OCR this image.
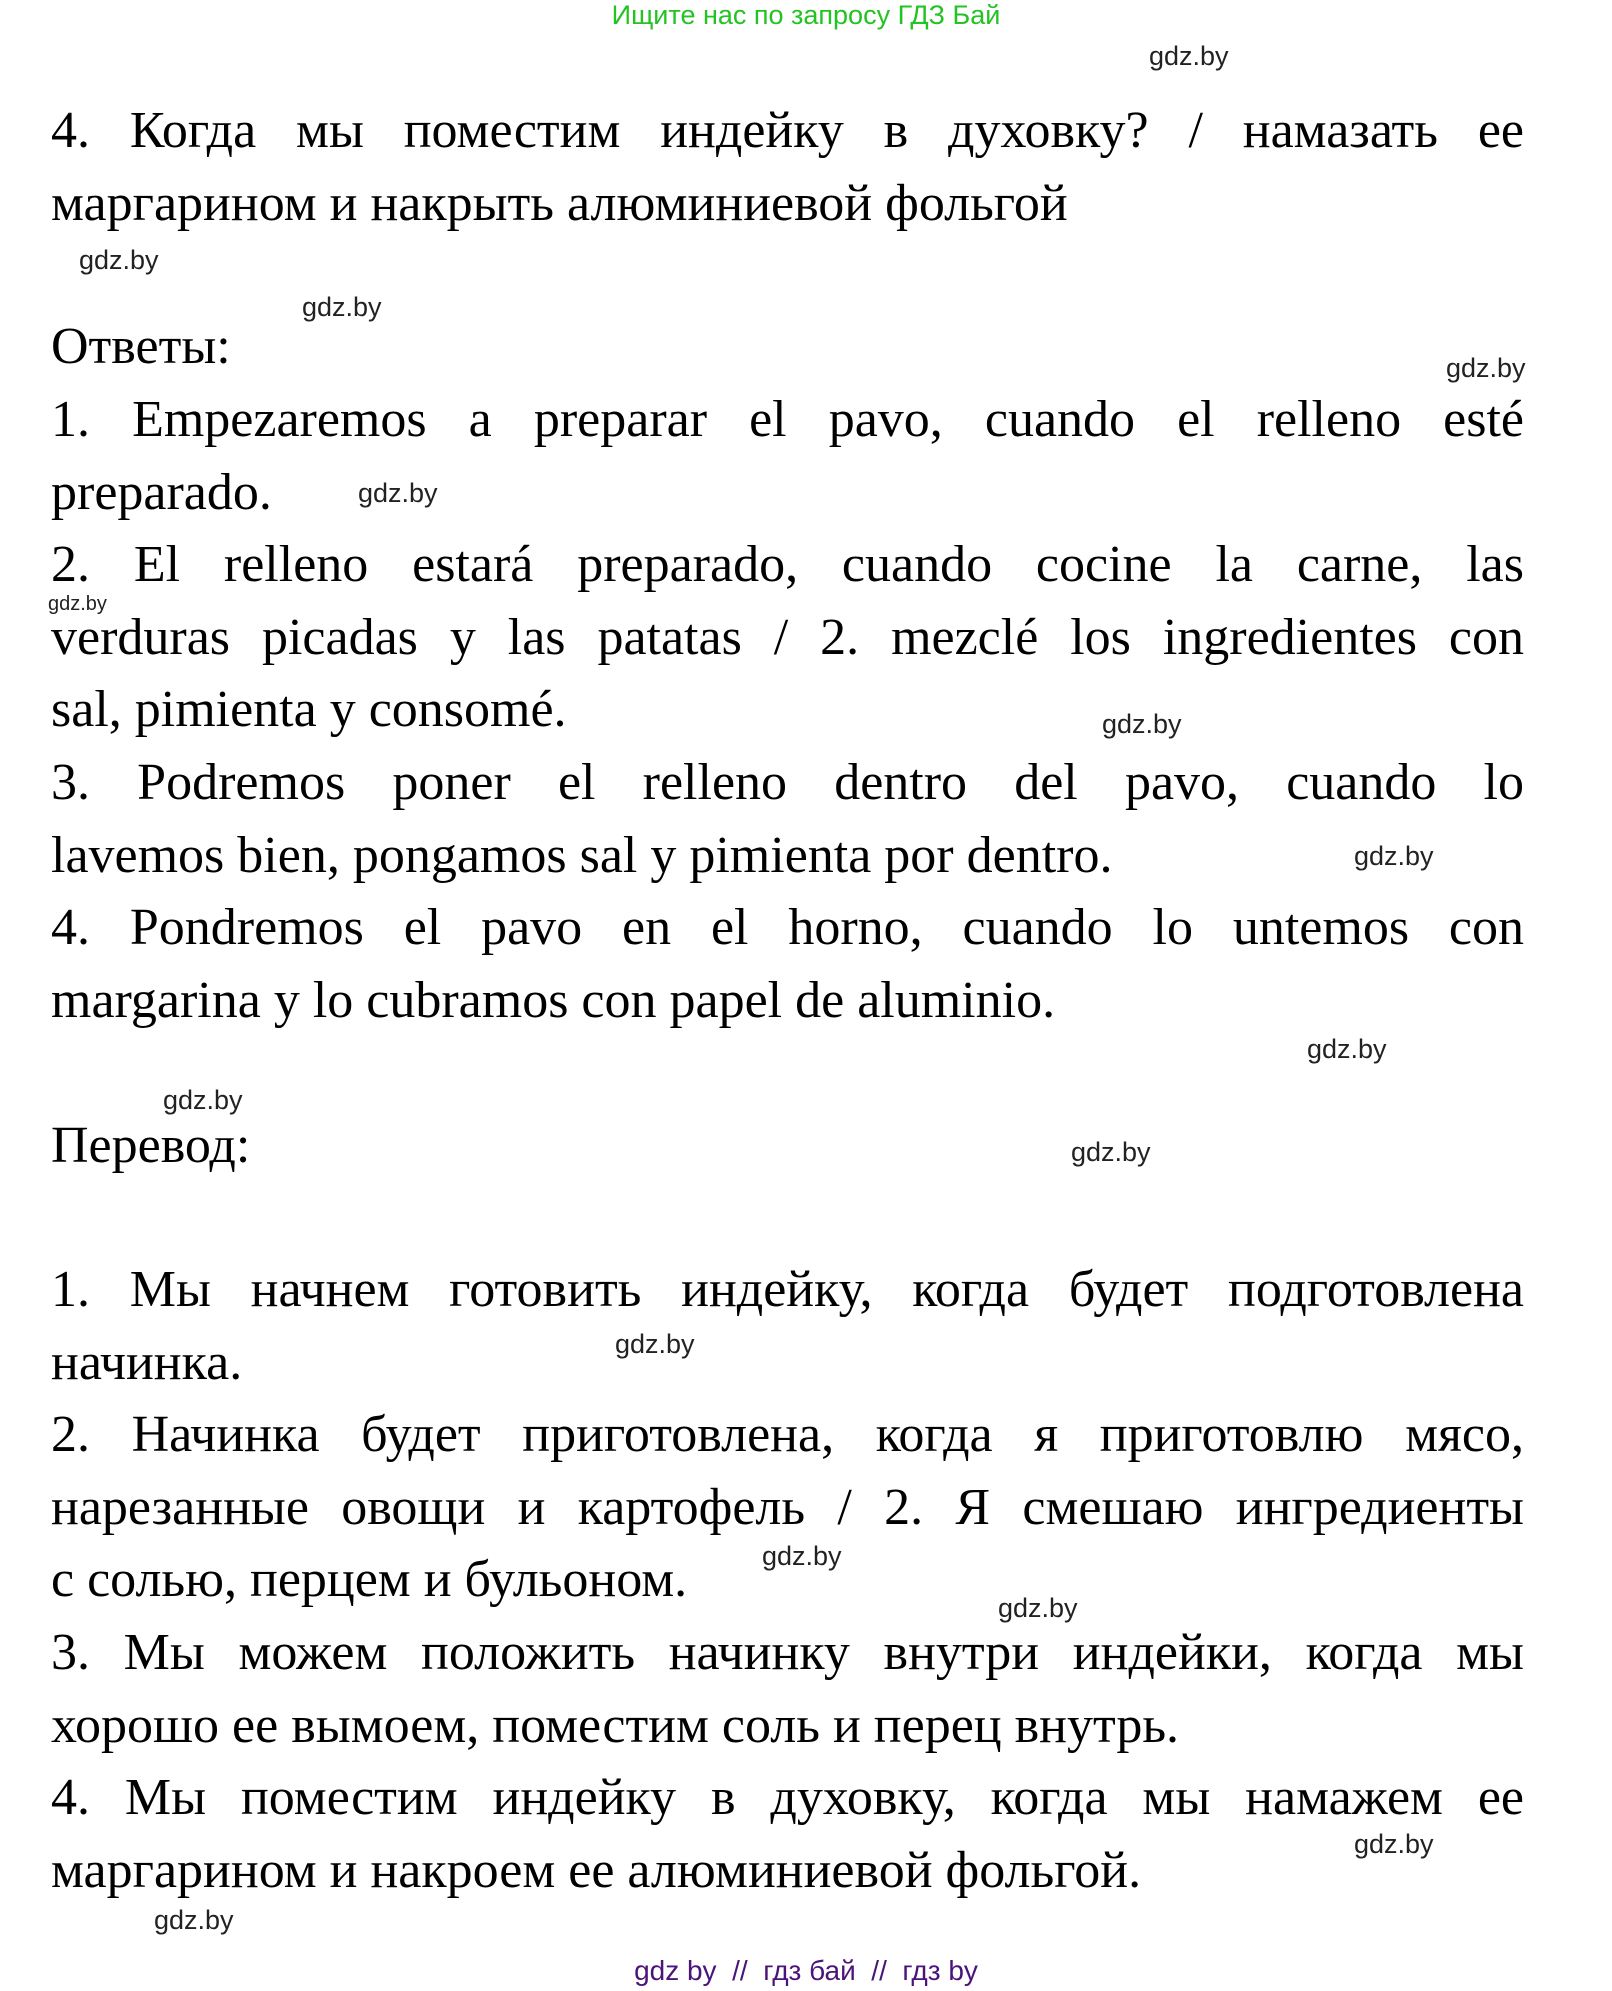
Ищите нас по запросу ГДЗ Бай
4. Когда мы поместим индейку в духовку? / намазать ее
маргарином и накрыть алюминиевой фольгой
Ответы:
1. Empezaremos a preparar el pavo, cuando el relleno esté
preparado.
2. El relleno estará preparado, cuando cocine la carne, las
verduras picadas y las patatas / 2. mezclé los ingredientes con
sal, pimienta y consomé.
3. Podremos poner el relleno dentro del pavo, cuando lo
lavemos bien, pongamos sal y pimienta por dentro.
4. Pondremos el pavo en el horno, cuando lo untemos con
margarina y lo cubramos con papel de aluminio.
Перевод:
1. Мы начнем готовить индейку, когда будет подготовлена
начинка.
2. Начинка будет приготовлена, когда я приготовлю мясо,
нарезанные овощи и картофель / 2. Я смешаю ингредиенты
с солью, перцем и бульоном.
3. Мы можем положить начинку внутри индейки, когда мы
хорошо ее вымоем, поместим соль и перец внутрь.
4. Мы поместим индейку в духовку, когда мы намажем ее
маргарином и накроем ее алюминиевой фольгой.
gdz.by
gdz.by
gdz.by
gdz.by
gdz.by
gdz.by
gdz.by
gdz.by
gdz.by
gdz.by
gdz.by
gdz.by
gdz.by
gdz.by
gdz.by
gdz.by
gdz by  //  гдз бай  //  гдз by
